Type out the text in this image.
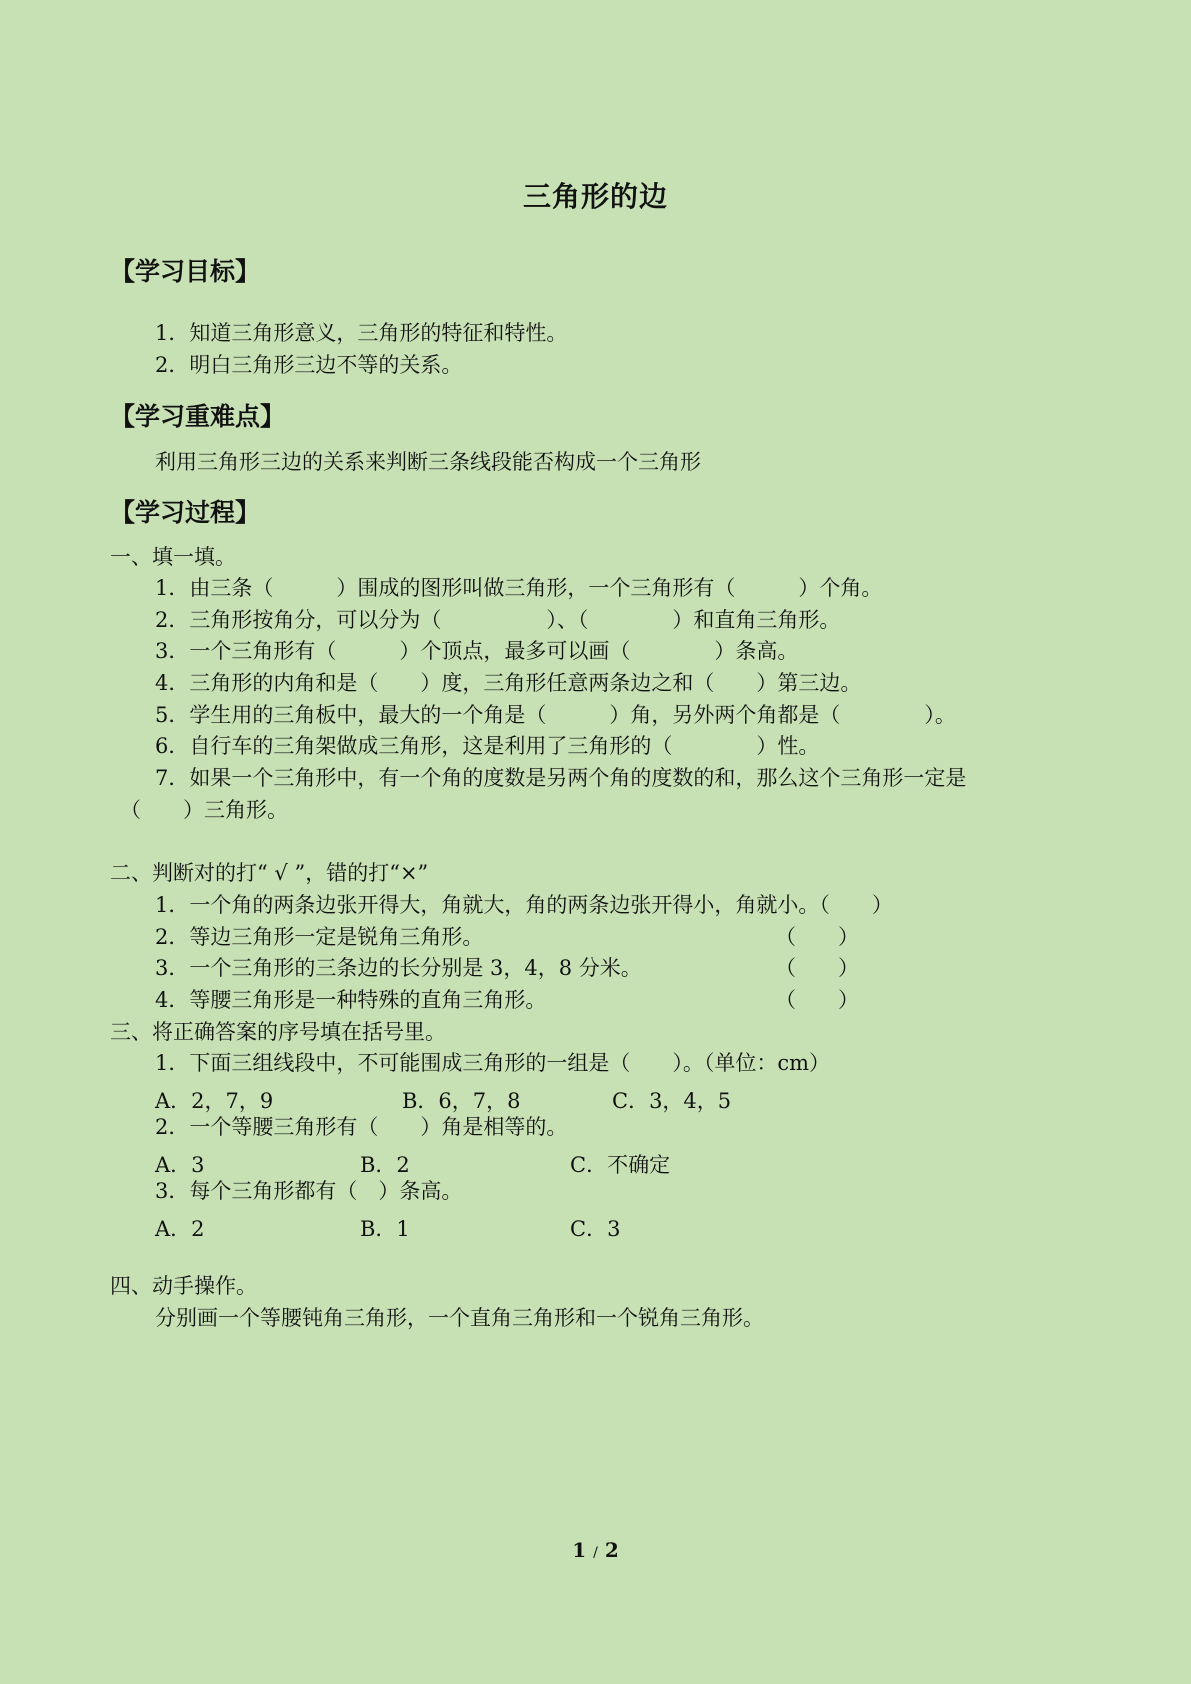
三角形的边
【学习目标】
1．知道三角形意义，三角形的特征和特性。
2．明白三角形三边不等的关系。
【学习重难点】
利用三角形三边的关系来判断三条线段能否构成一个三角形
【学习过程】
一、填一填。
1．由三条（　　　）围成的图形叫做三角形，一个三角形有（　　　）个角。
2．三角形按角分，可以分为（　　　　　）、（　　　　）和直角三角形。
3．一个三角形有（　　　）个顶点，最多可以画（　　　　）条高。
4．三角形的内角和是（　　）度，三角形任意两条边之和（　　）第三边。
5．学生用的三角板中，最大的一个角是（　　　）角，另外两个角都是（　　　　）。
6．自行车的三角架做成三角形，这是利用了三角形的（　　　　）性。
7．如果一个三角形中，有一个角的度数是另两个角的度数的和，那么这个三角形一定是
（　　）三角形。
二、判断对的打“ √ ”，错的打“×”
1．一个角的两条边张开得大，角就大，角的两条边张开得小，角就小。（　　）
2．等边三角形一定是锐角三角形。	（　　）
3．一个三角形的三条边的长分别是 3，4，8 分米。	（　　）
4．等腰三角形是一种特殊的直角三角形。	（　　）
三、将正确答案的序号填在括号里。
1．下面三组线段中，不可能围成三角形的一组是（　　）。（单位：cm）
A．2，7，9	B．6，7，8	C．3，4，5
2．一个等腰三角形有（　　）角是相等的。
A．3	B．2	C．不确定
3．每个三角形都有（　）条高。
A．2	B．1	C．3
四、动手操作。
分别画一个等腰钝角三角形，一个直角三角形和一个锐角三角形。
1 / 2
